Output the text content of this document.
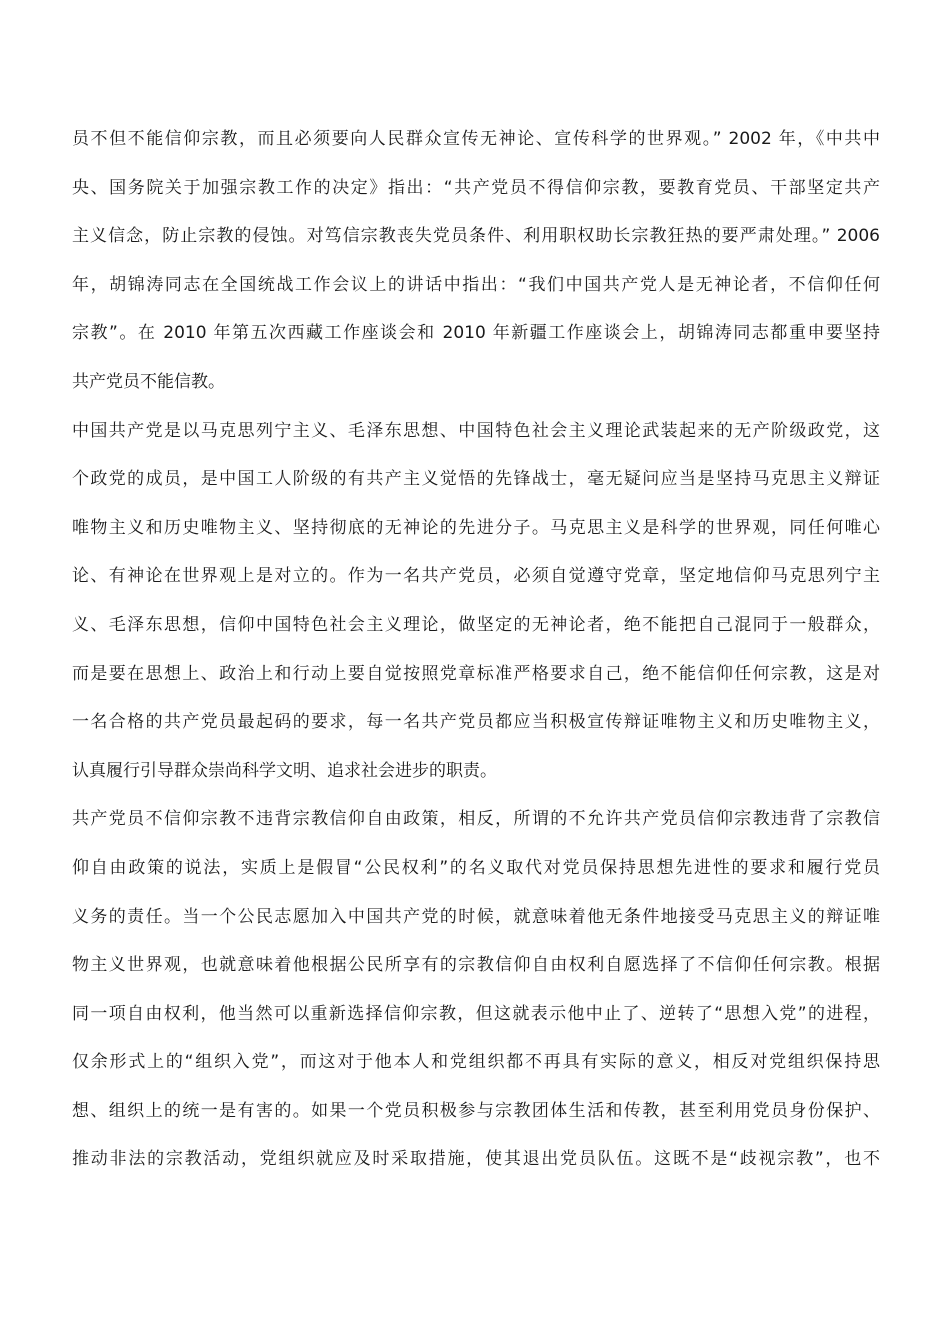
员不但不能信仰宗教，而且必须要向人民群众宣传无神论、宣传科学的世界观。” 2002 年，《中共中
央、国务院关于加强宗教工作的决定》指出：“共产党员不得信仰宗教，要教育党员、干部坚定共产
主义信念，防止宗教的侵蚀。对笃信宗教丧失党员条件、利用职权助长宗教狂热的要严肃处理。” 2006
年，胡锦涛同志在全国统战工作会议上的讲话中指出：“我们中国共产党人是无神论者，不信仰任何
宗教”。在 2010 年第五次西藏工作座谈会和 2010 年新疆工作座谈会上，胡锦涛同志都重申要坚持
共产党员不能信教。
中国共产党是以马克思列宁主义、毛泽东思想、中国特色社会主义理论武装起来的无产阶级政党，这
个政党的成员，是中国工人阶级的有共产主义觉悟的先锋战士，毫无疑问应当是坚持马克思主义辩证
唯物主义和历史唯物主义、坚持彻底的无神论的先进分子。马克思主义是科学的世界观，同任何唯心
论、有神论在世界观上是对立的。作为一名共产党员，必须自觉遵守党章，坚定地信仰马克思列宁主
义、毛泽东思想，信仰中国特色社会主义理论，做坚定的无神论者，绝不能把自己混同于一般群众，
而是要在思想上、政治上和行动上要自觉按照党章标准严格要求自己，绝不能信仰任何宗教，这是对
一名合格的共产党员最起码的要求，每一名共产党员都应当积极宣传辩证唯物主义和历史唯物主义，
认真履行引导群众崇尚科学文明、追求社会进步的职责。
共产党员不信仰宗教不违背宗教信仰自由政策，相反，所谓的不允许共产党员信仰宗教违背了宗教信
仰自由政策的说法，实质上是假冒“公民权利”的名义取代对党员保持思想先进性的要求和履行党员
义务的责任。当一个公民志愿加入中国共产党的时候，就意味着他无条件地接受马克思主义的辩证唯
物主义世界观，也就意味着他根据公民所享有的宗教信仰自由权利自愿选择了不信仰任何宗教。根据
同一项自由权利，他当然可以重新选择信仰宗教，但这就表示他中止了、逆转了“思想入党”的进程，
仅余形式上的“组织入党”，而这对于他本人和党组织都不再具有实际的意义，相反对党组织保持思
想、组织上的统一是有害的。如果一个党员积极参与宗教团体生活和传教，甚至利用党员身份保护、
推动非法的宗教活动，党组织就应及时采取措施，使其退出党员队伍。这既不是“歧视宗教”，也不
